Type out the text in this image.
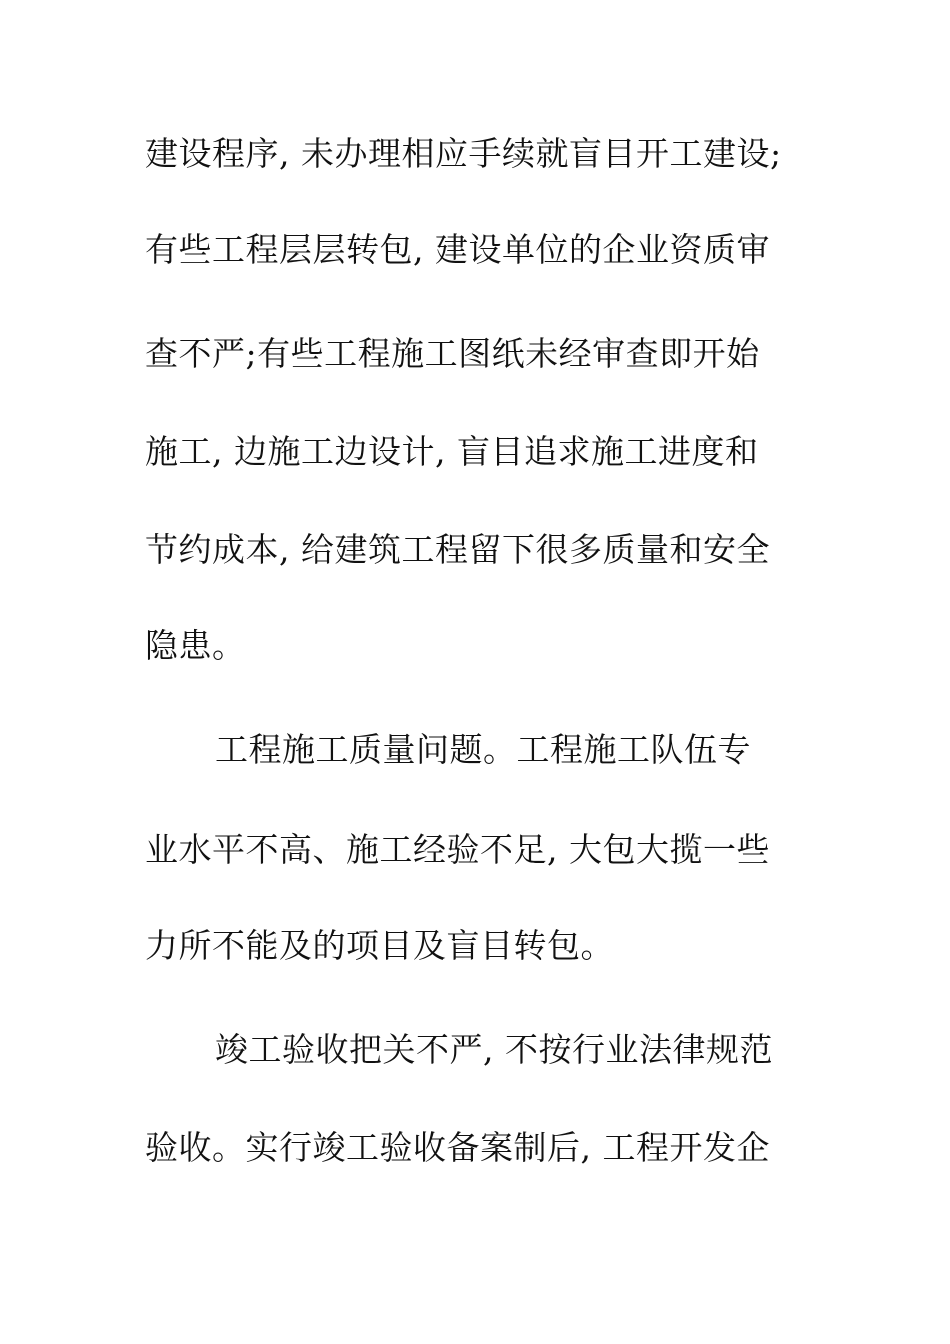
建设程序, 未办理相应手续就盲目开工建设;

有些工程层层转包, 建设单位的企业资质审

查不严;有些工程施工图纸未经审查即开始

施工, 边施工边设计, 盲目追求施工进度和

节约成本, 给建筑工程留下很多质量和安全

隐患。

工程施工质量问题。工程施工队伍专

业水平不高、施工经验不足, 大包大揽一些

力所不能及的项目及盲目转包。

竣工验收把关不严, 不按行业法律规范

验收。实行竣工验收备案制后, 工程开发企
